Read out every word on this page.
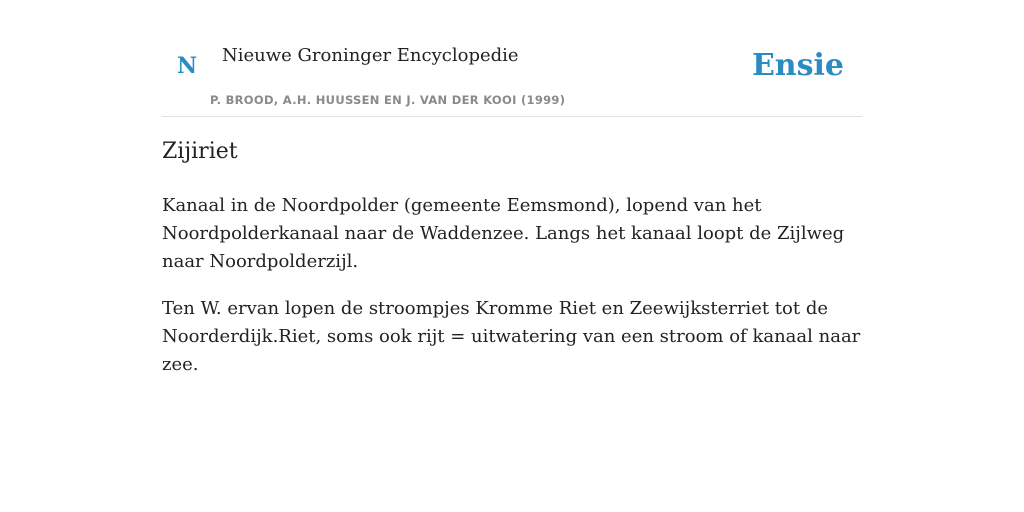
N Nieuwe Groninger Encyclopedie
P. BROOD, A.H. HUUSSEN EN J. VAN DER KOOI (1999)
Ensie
Zijiriet

Kanaal in de Noordpolder (gemeente Eemsmond), lopend van het Noordpolderkanaal naar de Waddenzee. Langs het kanaal loopt de Zijlweg naar Noordpolderzijl.

Ten W. ervan lopen de stroompjes Kromme Riet en Zeewijksterriet tot de Noorderdijk.Riet, soms ook rijt = uitwatering van een stroom of kanaal naar zee.
